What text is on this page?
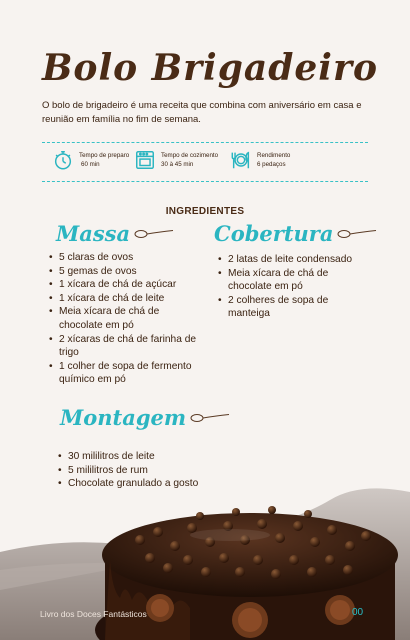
Bolo Brigadeiro

O bolo de brigadeiro é uma receita que combina com aniversário em casa e reunião em família no fim de semana.

Tempo de preparo
60 min
Tempo de cozimento
30 à 45 min
Rendimento
6 pedaços
INGREDIENTES
Massa
• 5 claras de ovos
• 5 gemas de ovos
• 1 xícara de chá de açúcar
• 1 xícara de chá de leite
• Meia xícara de chá de chocolate em pó
• 2 xícaras de chá de farinha de trigo
• 1 colher de sopa de fermento químico em pó
Cobertura
• 2 latas de leite condensado
• Meia xícara de chá de chocolate em pó
• 2 colheres de sopa de manteiga
Montagem
• 30 mililitros de leite
• 5 mililitros de rum
• Chocolate granulado a gosto
Livro dos Doces Fantásticos	00
